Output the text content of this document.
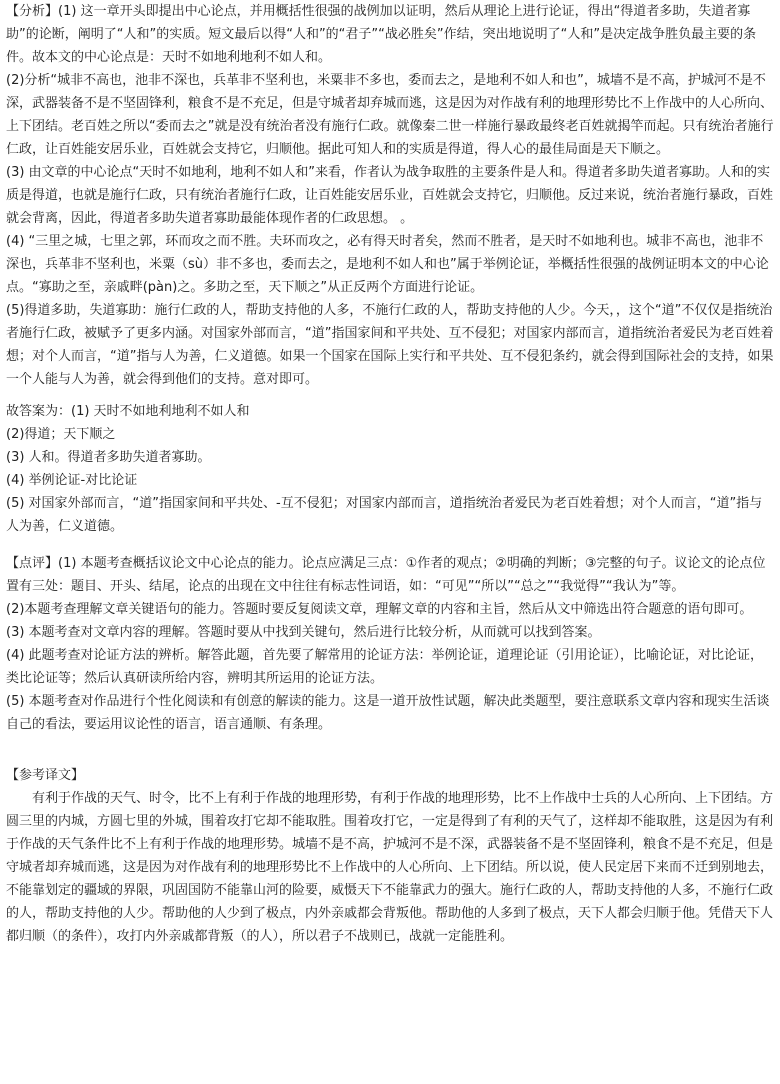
【分析】(1) 这一章开头即提出中心论点，并用概括性很强的战例加以证明，然后从理论上进行论证，得出“得道者多助，失道者寡助”的论断，阐明了“人和”的实质。短文最后以得“人和”的“君子”“战必胜矣”作结，突出地说明了“人和”是决定战争胜负最主要的条件。故本文的中心论点是：天时不如地利地利不如人和。

(2)分析“城非不高也，池非不深也，兵革非不坚利也，米粟非不多也，委而去之，是地利不如人和也”，城墙不是不高，护城河不是不深，武器装备不是不坚固锋利，粮食不是不充足，但是守城者却弃城而逃，这是因为对作战有利的地理形势比不上作战中的人心所向、上下团结。老百姓之所以“委而去之”就是没有统治者没有施行仁政。就像秦二世一样施行暴政最终老百姓就揭竿而起。只有统治者施行仁政，让百姓能安居乐业，百姓就会支持它，归顺他。据此可知人和的实质是得道，得人心的最佳局面是天下顺之。

(3) 由文章的中心论点“天时不如地利，地利不如人和”来看，作者认为战争取胜的主要条件是人和。得道者多助失道者寡助。人和的实质是得道，也就是施行仁政，只有统治者施行仁政，让百姓能安居乐业，百姓就会支持它，归顺他。反过来说，统治者施行暴政，百姓就会背离，因此，得道者多助失道者寡助最能体现作者的仁政思想。 。

(4) “三里之城，七里之郭，环而攻之而不胜。夫环而攻之，必有得天时者矣，然而不胜者，是天时不如地利也。城非不高也，池非不深也，兵革非不坚利也，米粟（sù）非不多也，委而去之，是地利不如人和也”属于举例论证，举概括性很强的战例证明本文的中心论点。“寡助之至，亲戚畔(pàn)之。多助之至，天下顺之”从正反两个方面进行论证。

(5)得道多助，失道寡助：施行仁政的人，帮助支持他的人多，不施行仁政的人，帮助支持他的人少。今天，，这个“道”不仅仅是指统治者施行仁政，被赋予了更多内涵。对国家外部而言，“道”指国家间和平共处、互不侵犯；对国家内部而言，道指统治者爱民为老百姓着想；对个人而言，“道”指与人为善，仁义道德。如果一个国家在国际上实行和平共处、互不侵犯条约，就会得到国际社会的支持，如果一个人能与人为善，就会得到他们的支持。意对即可。

故答案为：(1) 天时不如地利地利不如人和

(2)得道；天下顺之

(3) 人和。得道者多助失道者寡助。

(4) 举例论证-对比论证

(5) 对国家外部而言，“道”指国家间和平共处、-互不侵犯；对国家内部而言，道指统治者爱民为老百姓着想；对个人而言，“道”指与人为善，仁义道德。

【点评】(1) 本题考查概括议论文中心论点的能力。论点应满足三点：①作者的观点；②明确的判断；③完整的句子。议论文的论点位置有三处：题目、开头、结尾，论点的出现在文中往往有标志性词语，如：“可见”“所以”“总之”“我觉得”“我认为”等。

(2)本题考查理解文章关键语句的能力。答题时要反复阅读文章，理解文章的内容和主旨，然后从文中筛选出符合题意的语句即可。

(3) 本题考查对文章内容的理解。答题时要从中找到关键句，然后进行比较分析，从而就可以找到答案。

(4) 此题考查对论证方法的辨析。解答此题，首先要了解常用的论证方法：举例论证，道理论证（引用论证），比喻论证，对比论证，类比论证等；然后认真研读所给内容，辨明其所运用的论证方法。

(5) 本题考查对作品进行个性化阅读和有创意的解读的能力。这是一道开放性试题，解决此类题型，要注意联系文章内容和现实生活谈自己的看法，要运用议论性的语言，语言通顺、有条理。

【参考译文】

有利于作战的天气、时令，比不上有利于作战的地理形势，有利于作战的地理形势，比不上作战中士兵的人心所向、上下团结。方圆三里的内城，方圆七里的外城，围着攻打它却不能取胜。围着攻打它，一定是得到了有利的天气了，这样却不能取胜，这是因为有利于作战的天气条件比不上有利于作战的地理形势。城墙不是不高，护城河不是不深，武器装备不是不坚固锋利，粮食不是不充足，但是守城者却弃城而逃，这是因为对作战有利的地理形势比不上作战中的人心所向、上下团结。所以说，使人民定居下来而不迁到别地去，不能靠划定的疆域的界限，巩固国防不能靠山河的险要，威慑天下不能靠武力的强大。施行仁政的人，帮助支持他的人多，不施行仁政的人，帮助支持他的人少。帮助他的人少到了极点，内外亲戚都会背叛他。帮助他的人多到了极点，天下人都会归顺于他。凭借天下人都归顺（的条件），攻打内外亲戚都背叛（的人），所以君子不战则已，战就一定能胜利。
